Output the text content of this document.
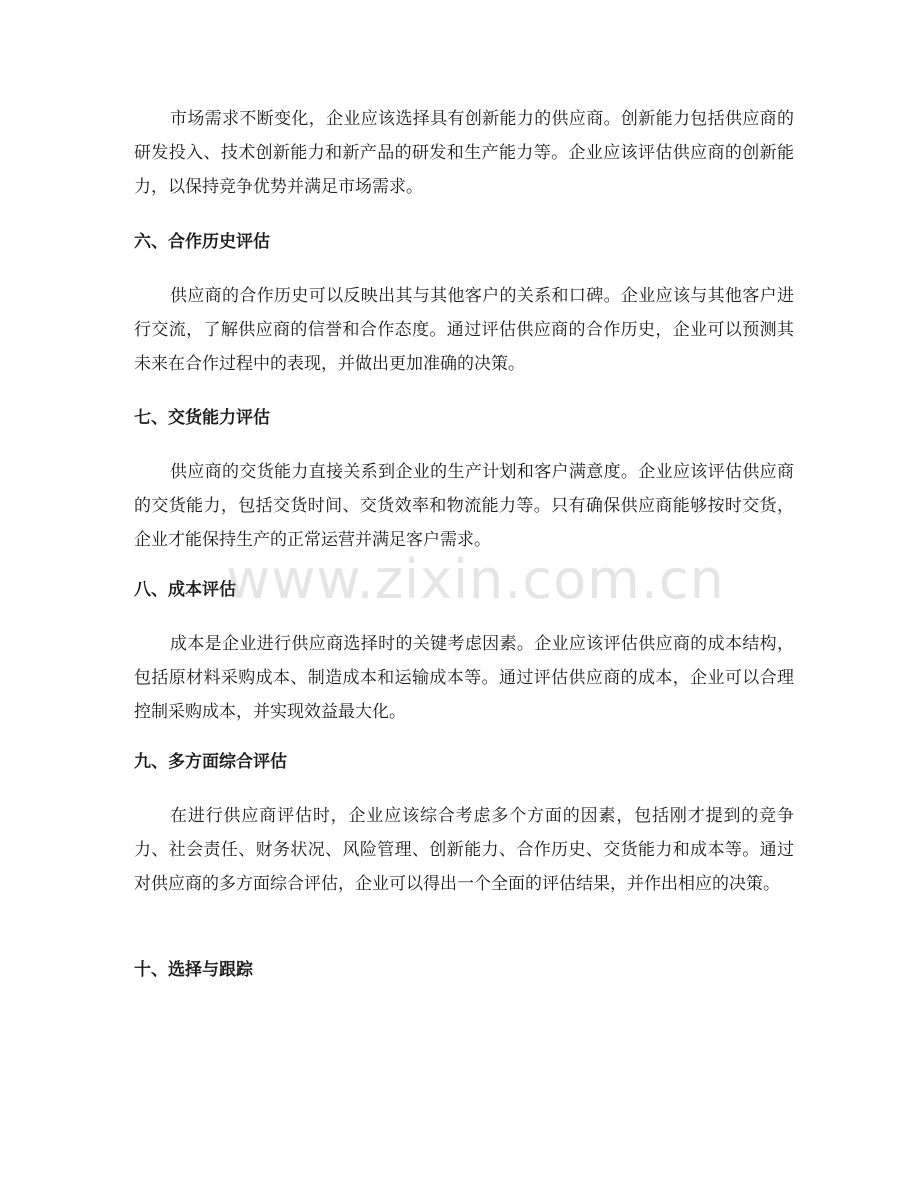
市场需求不断变化，企业应该选择具有创新能力的供应商。创新能力包括供应商的研发投入、技术创新能力和新产品的研发和生产能力等。企业应该评估供应商的创新能力，以保持竞争优势并满足市场需求。

六、合作历史评估

供应商的合作历史可以反映出其与其他客户的关系和口碑。企业应该与其他客户进行交流，了解供应商的信誉和合作态度。通过评估供应商的合作历史，企业可以预测其未来在合作过程中的表现，并做出更加准确的决策。

七、交货能力评估

供应商的交货能力直接关系到企业的生产计划和客户满意度。企业应该评估供应商的交货能力，包括交货时间、交货效率和物流能力等。只有确保供应商能够按时交货，企业才能保持生产的正常运营并满足客户需求。

八、成本评估

成本是企业进行供应商选择时的关键考虑因素。企业应该评估供应商的成本结构，包括原材料采购成本、制造成本和运输成本等。通过评估供应商的成本，企业可以合理控制采购成本，并实现效益最大化。

九、多方面综合评估

在进行供应商评估时，企业应该综合考虑多个方面的因素，包括刚才提到的竞争力、社会责任、财务状况、风险管理、创新能力、合作历史、交货能力和成本等。通过对供应商的多方面综合评估，企业可以得出一个全面的评估结果，并作出相应的决策。

十、选择与跟踪
www.zixin.com.cn
